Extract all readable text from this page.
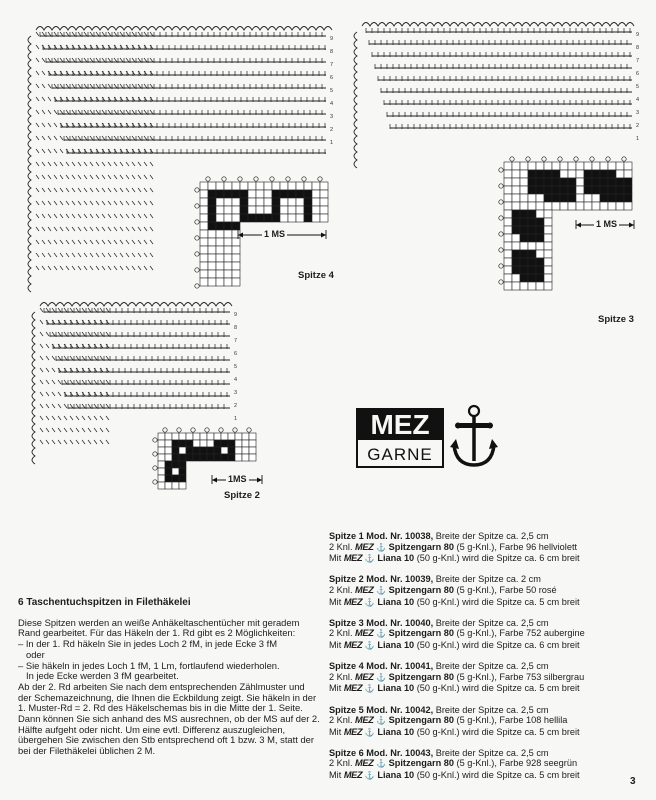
9
8
7
6
5
4
3
2
1
9
8
7
6
5
4
3
2
1
9
8
7
6
5
4
3
2
1
Spitze 4
Spitze 3
Spitze 2
1 MS
1 MS
1MS
MEZ
GARNE
6 Taschentuchspitzen in Filethäkelei

Diese Spitzen werden an weiße Anhäkeltaschentücher mit geradem Rand gearbeitet. Für das Häkeln der 1. Rd gibt es 2 Möglichkeiten:

– In der 1. Rd häkeln Sie in jedes Loch 2 fM, in jede Ecke 3 fM

oder

– Sie häkeln in jedes Loch 1 fM, 1 Lm, fortlaufend wiederholen.

In jede Ecke werden 3 fM gearbeitet.

Ab der 2. Rd arbeiten Sie nach dem entsprechenden Zählmuster und der Schemazeichnung, die Ihnen die Eckbildung zeigt. Sie häkeln in der 1. Muster-Rd = 2. Rd des Häkelschemas bis in die Mitte der 1. Seite. Dann können Sie sich anhand des MS ausrechnen, ob der MS auf der 2. Hälfte aufgeht oder nicht. Um eine evtl. Differenz auszugleichen, übergehen Sie zwischen den Stb entsprechend oft 1 bzw. 3 M, statt der bei der Filethäkelei üblichen 2 M.

Spitze 1 Mod. Nr. 10038, Breite der Spitze ca. 2,5 cm
2 Knl. MEZ ⚓ Spitzengarn 80 (5 g-Knl.), Farbe 96 hellviolett
Mit MEZ ⚓ Liana 10 (50 g-Knl.) wird die Spitze ca. 6 cm breit
Spitze 2 Mod. Nr. 10039, Breite der Spitze ca. 2 cm
2 Knl. MEZ ⚓ Spitzengarn 80 (5 g-Knl.), Farbe 50 rosé
Mit MEZ ⚓ Liana 10 (50 g-Knl.) wird die Spitze ca. 5 cm breit
Spitze 3 Mod. Nr. 10040, Breite der Spitze ca. 2,5 cm
2 Knl. MEZ ⚓ Spitzengarn 80 (5 g-Knl.), Farbe 752 aubergine
Mit MEZ ⚓ Liana 10 (50 g-Knl.) wird die Spitze ca. 6 cm breit
Spitze 4 Mod. Nr. 10041, Breite der Spitze ca. 2,5 cm
2 Knl. MEZ ⚓ Spitzengarn 80 (5 g-Knl.), Farbe 753 silbergrau
Mit MEZ ⚓ Liana 10 (50 g-Knl.) wird die Spitze ca. 5 cm breit
Spitze 5 Mod. Nr. 10042, Breite der Spitze ca. 2,5 cm
2 Knl. MEZ ⚓ Spitzengarn 80 (5 g-Knl.), Farbe 108 hellila
Mit MEZ ⚓ Liana 10 (50 g-Knl.) wird die Spitze ca. 5 cm breit
Spitze 6 Mod. Nr. 10043, Breite der Spitze ca. 2,5 cm
2 Knl. MEZ ⚓ Spitzengarn 80 (5 g-Knl.), Farbe 928 seegrün
Mit MEZ ⚓ Liana 10 (50 g-Knl.) wird die Spitze ca. 5 cm breit
3
